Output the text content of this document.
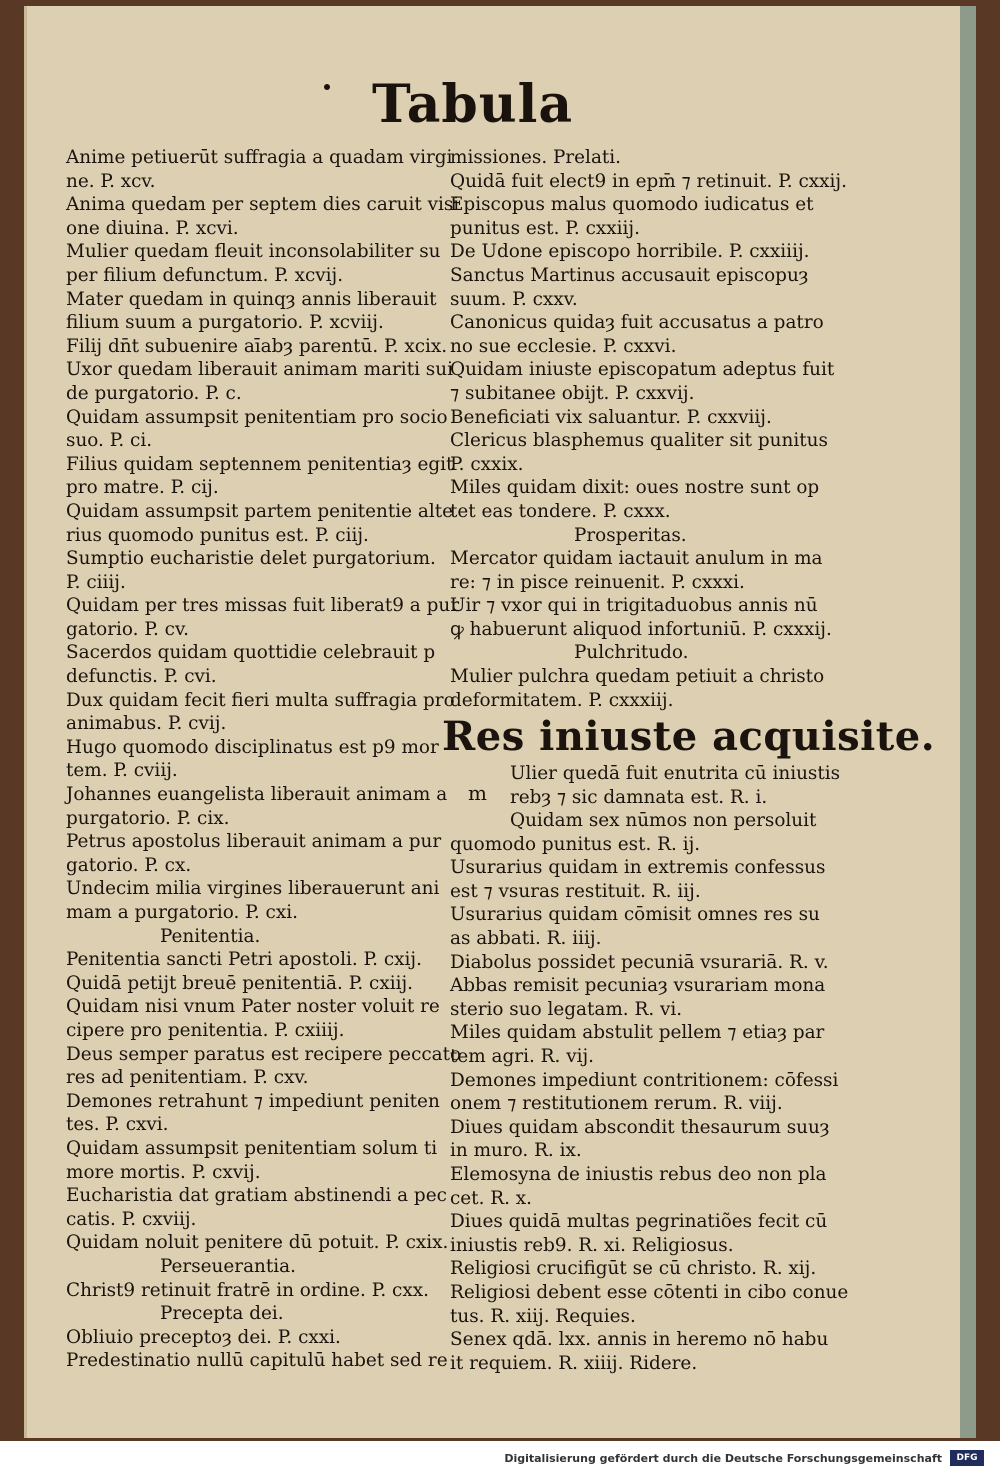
Tabula
Anime petiuerūt suffragia a quadam virgi
ne. P. xcv.
Anima quedam per septem dies caruit visi
one diuina. P. xcvi.
Mulier quedam fleuit inconsolabiliter su
per filium defunctum. P. xcvij.
Mater quedam in quinqȝ annis liberauit
filium suum a purgatorio. P. xcviij.
Filij dn̄t subuenire aīabȝ parentū. P. xcix.
Uxor quedam liberauit animam mariti sui
de purgatorio. P. c.
Quidam assumpsit penitentiam pro socio
suo. P. ci.
Filius quidam septennem penitentiaȝ egit
pro matre. P. cij.
Quidam assumpsit partem penitentie alte
rius quomodo punitus est. P. ciij.
Sumptio eucharistie delet purgatorium.
P. ciiij.
Quidam per tres missas fuit liberat9 a pur
gatorio. P. cv.
Sacerdos quidam quottidie celebrauit p
defunctis. P. cvi.
Dux quidam fecit fieri multa suffragia pro
animabus. P. cvij.
Hugo quomodo disciplinatus est p9 mor
tem. P. cviij.
Johannes euangelista liberauit animam a
purgatorio. P. cix.
Petrus apostolus liberauit animam a pur
gatorio. P. cx.
Undecim milia virgines liberauerunt ani
mam a purgatorio. P. cxi.
Penitentia.
Penitentia sancti Petri apostoli. P. cxij.
Quidā petijt breuē penitentiā. P. cxiij.
Quidam nisi vnum Pater noster voluit re
cipere pro penitentia. P. cxiiij.
Deus semper paratus est recipere peccato
res ad penitentiam. P. cxv.
Demones retrahunt ⁊ impediunt peniten
tes. P. cxvi.
Quidam assumpsit penitentiam solum ti
more mortis. P. cxvij.
Eucharistia dat gratiam abstinendi a pec
catis. P. cxviij.
Quidam noluit penitere dū potuit. P. cxix.
Perseuerantia.
Christ9 retinuit fratrē in ordine. P. cxx.
Precepta dei.
Obliuio preceptoȝ dei. P. cxxi.
Predestinatio nullū capitulū habet sed re
missiones. Prelati.
Quidā fuit elect9 in epm̄ ⁊ retinuit. P. cxxij.
Episcopus malus quomodo iudicatus et
punitus est. P. cxxiij.
De Udone episcopo horribile. P. cxxiiij.
Sanctus Martinus accusauit episcopuȝ
suum. P. cxxv.
Canonicus quidaȝ fuit accusatus a patro
no sue ecclesie. P. cxxvi.
Quidam iniuste episcopatum adeptus fuit
⁊ subitanee obijt. P. cxxvij.
Beneficiati vix saluantur. P. cxxviij.
Clericus blasphemus qualiter sit punitus
P. cxxix.
Miles quidam dixit: oues nostre sunt op
tet eas tondere. P. cxxx.
Prosperitas.
Mercator quidam iactauit anulum in ma
re: ⁊ in pisce reinuenit. P. cxxxi.
Uir ⁊ vxor qui in trigitaduobus annis nū
ꝙ habuerunt aliquod infortuniū. P. cxxxij.
Pulchritudo.
Mulier pulchra quedam petiuit a christo
deformitatem. P. cxxxiij.
Res iniuste acquisite.
m
Ulier quedā fuit enutrita cū iniustis
rebȝ ⁊ sic damnata est. R. i.
Quidam sex nūmos non persoluit
quomodo punitus est. R. ij.
Usurarius quidam in extremis confessus
est ⁊ vsuras restituit. R. iij.
Usurarius quidam cōmisit omnes res su
as abbati. R. iiij.
Diabolus possidet pecuniā vsurariā. R. v.
Abbas remisit pecuniaȝ vsurariam mona
sterio suo legatam. R. vi.
Miles quidam abstulit pellem ⁊ etiaȝ par
tem agri. R. vij.
Demones impediunt contritionem: cōfessi
onem ⁊ restitutionem rerum. R. viij.
Diues quidam abscondit thesaurum suuȝ
in muro. R. ix.
Elemosyna de iniustis rebus deo non pla
cet. R. x.
Diues quidā multas pegrinatiões fecit cū
iniustis reb9. R. xi. Religiosus.
Religiosi crucifigūt se cū christo. R. xij.
Religiosi debent esse cōtenti in cibo conue
tus. R. xiij. Requies.
Senex qdā. lxx. annis in heremo nō habu
it requiem. R. xiiij. Ridere.
Digitalisierung gefördert durch die Deutsche Forschungsgemeinschaft	DFG
